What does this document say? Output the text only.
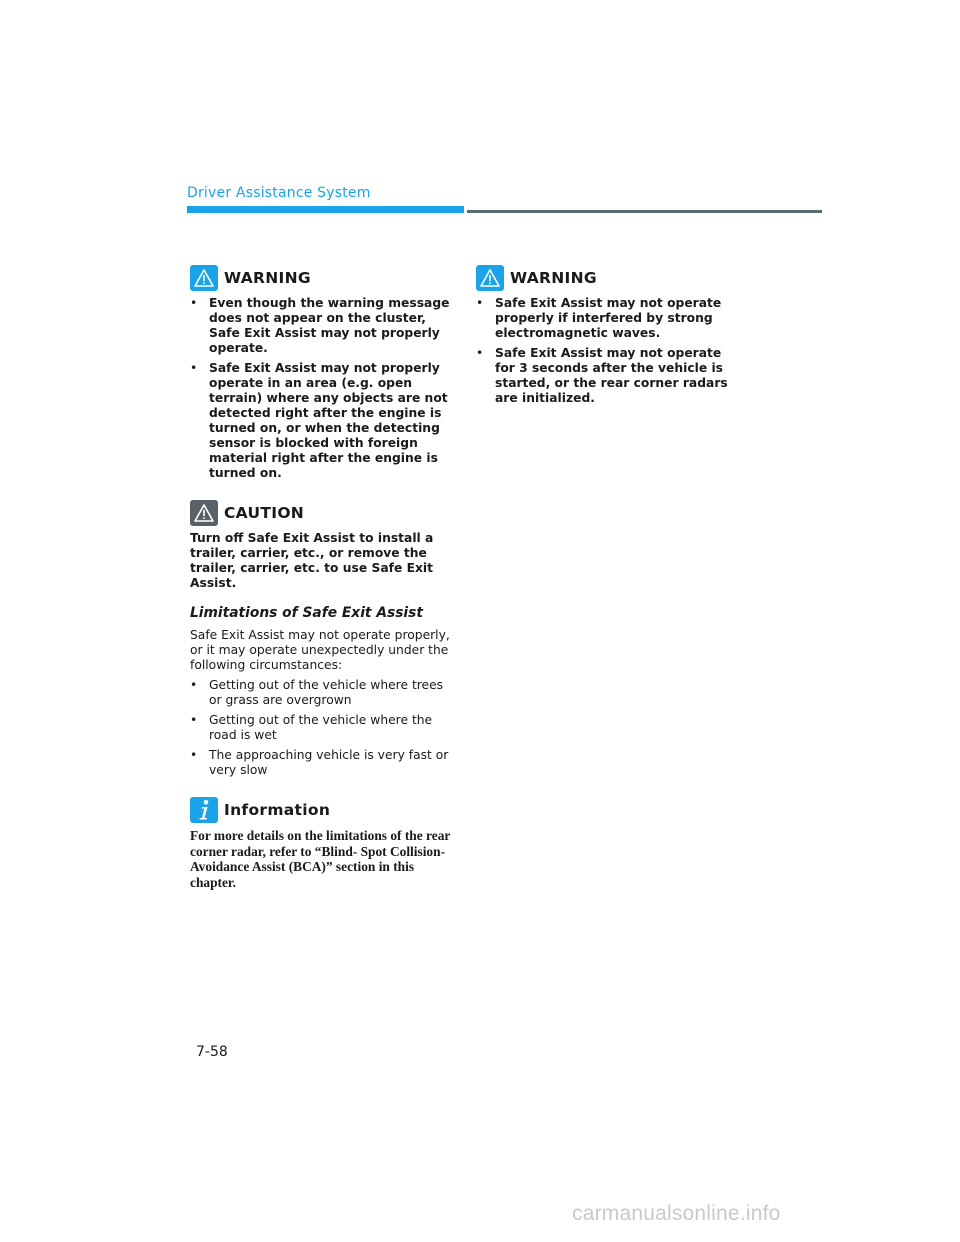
Driver Assistance System
WARNING
• Even though the warning message does not appear on the cluster, Safe Exit Assist may not properly operate.
• Safe Exit Assist may not properly operate in an area (e.g. open terrain) where any objects are not detected right after the engine is turned on, or when the detecting sensor is blocked with foreign material right after the engine is turned on.
CAUTION

Turn off Safe Exit Assist to install a trailer, carrier, etc., or remove the trailer, carrier, etc. to use Safe Exit Assist.

Limitations of Safe Exit Assist

Safe Exit Assist may not operate properly, or it may operate unexpectedly under the following circumstances:

• Getting out of the vehicle where trees or grass are overgrown
• Getting out of the vehicle where the road is wet
• The approaching vehicle is very fast or very slow
Information

For more details on the limitations of the rear corner radar, refer to “Blind- Spot Collision-Avoidance Assist (BCA)” section in this chapter.

WARNING
• Safe Exit Assist may not operate properly if interfered by strong electromagnetic waves.
• Safe Exit Assist may not operate for 3 seconds after the vehicle is started, or the rear corner radars are initialized.
7-58
carmanualsonline.info
